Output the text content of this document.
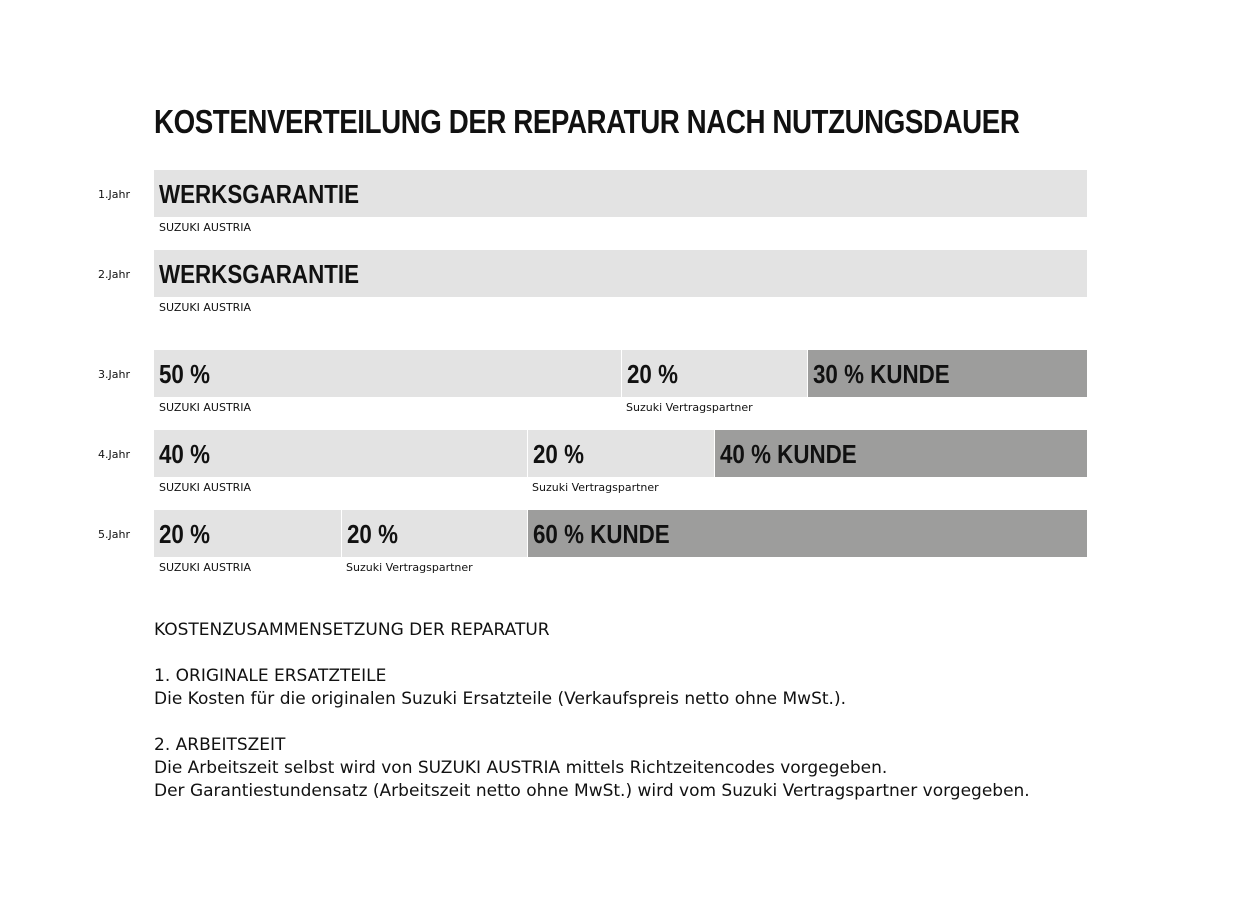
KOSTENVERTEILUNG DER REPARATUR NACH NUTZUNGSDAUER
1.Jahr WERKSGARANTIE
SUZUKI AUSTRIA
2.Jahr WERKSGARANTIE
SUZUKI AUSTRIA
3.Jahr 50 %
SUZUKI AUSTRIA
20 %
Suzuki Vertragspartner
30 % KUNDE
4.Jahr 40 %
SUZUKI AUSTRIA
20 %
Suzuki Vertragspartner
40 % KUNDE
5.Jahr 20 %
SUZUKI AUSTRIA
20 %
Suzuki Vertragspartner
60 % KUNDE

KOSTENZUSAMMENSETZUNG DER REPARATUR

1. ORIGINALE ERSATZTEILE

Die Kosten für die originalen Suzuki Ersatzteile (Verkaufspreis netto ohne MwSt.).

2. ARBEITSZEIT

Die Arbeitszeit selbst wird von SUZUKI AUSTRIA mittels Richtzeitencodes vorgegeben.

Der Garantiestundensatz (Arbeitszeit netto ohne MwSt.) wird vom Suzuki Vertragspartner vorgegeben.
